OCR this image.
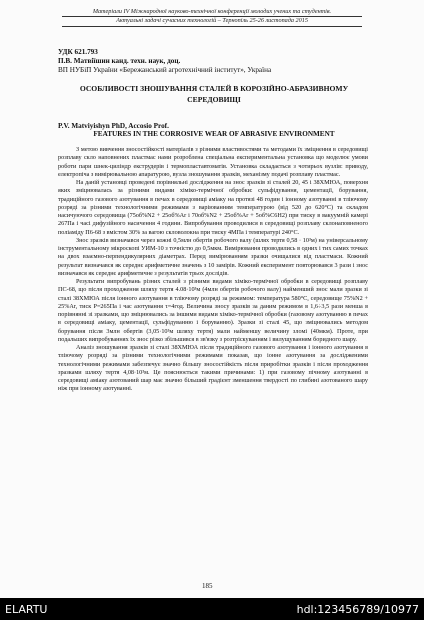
Матеріали IV Міжнародної науково-технічної конференції молодих учених та студентів.
Актуальні задачі сучасних технологій – Тернопіль 25-26 листопада 2015
УДК 621.793
П.В. Матвіїшин канд. техн. наук, доц.
ВП НУБіП України «Бережанський агротехнічний інститут», Україна
ОСОБЛИВОСТІ ЗНОШУВАННЯ СТАЛЕЙ В КОРОЗІЙНО-АБРАЗИВНОМУ СЕРЕДОВИЩІ
P.V. Matviyishyn PhD, Accosio Prof.
FEATURES IN THE CORROSIVE WEAR OF ABRASIVE ENVIRONMENT

З метою вивчення зносостійкості матеріалів з різними властивостями та методами їх зміцнення в середовищі розплаву скло наповнених пластмас нами розроблена спеціальна експериментальна установка що моделює умови роботи пари шнек-циліндр екструдерів і термопластавтоматів. Установка складається з чотирьох вузлів: приводу, електропіча з вимірювальною апаратурою, вузла зношування зразків, механізму подачі розплаву пластмас.

На даній установці проведені порівняльні дослідження на знос зразків зі сталей 20, 45 і 38ХМЮА, поверхня яких зміцнювалась за різними видами хіміко-термічної обробки: сульфідування, цементації, борування, традиційного газового азотування в печах в середовищі аміаку на протязі 48 годин і іонному азотуванні в тліючому розряді за різними технологічними режимами з варіюванням температурою (від 520 до 620°С) та складом насичуючого середовища (75об%N2 + 25об%Ar і 70об%N2 + 25об%Ar + 5об%C6H2) при тиску в вакуумній камері 267Па і часі дифузійного насичення 4 години. Випробування проводилися в середовищі розплаву склонаповненого поліаміду П6-68 з вмістом 30% за вагою скловолокна при тиску 4МПа і температурі 240°С.

Знос зразків визначався через кожні 0,5млн обертів робочого валу (шлях тертя 0,58 · 10³м) на універсальному інструментальному мікроскопі УИМ-10 з точністю до 0,5мкм. Вимірювання проводились в одних і тих самих точках на двох взаємно-перпендикулярних діаметрах. Перед вимірюванням зразки очищалися від пластмаси. Кожний результат визначався як середнє арифметичне значень з 10 замірів. Кожний експеримент повторювався 3 рази і знос визначався як середнє арифметичне з результатів трьох дослідів.

Результати випробувань різних сталей з різними видами хіміко-термічної обробки в середовищі розплаву ПС-68, що після проходження шляху тертя 4.08·10³м (4млн обертів робочого валу) найменший знос мали зразки зі сталі 38ХМЮА після іонного азотування в тліючому розряді за режимом: температура 580°С, середовище 75%N2 + 25%Ar, тиск Р=265Па і час азотування τ=4год. Величина зносу зразків за даним режимом в 1,6÷3,5 рази менша в порівнянні зі зразками, що зміцнювались за іншими видами хіміко-термічної обробки (газовому азотуванню в печах в середовищі аміаку, цементації, сульфідуванню і боруванню). Зразки зі сталі 45, що зміцнювались методом борування після 3млн обертів (3,05·10³м шляху тертя) мали найменшу величину зломі (40мкм). Проте, при подальших випробуваннях їх знос різко збільшився в зв'язку з розтріскуванням і вилущуванням боридного шару.

Аналіз зношування зразків зі сталі 38ХМЮА після традиційного газового азотування і іонного азотування в тліючому розряді за різними технологічними режимами показав, що іонне азотування за дослідженими технологічними режимами забезпечує значно більшу зносостійкість після приробітки зразків і після проходження зразками шляху тертя 4,08·10³м. Це пояснюється такими причинами: 1) при газовому пічному азотуванні в середовищі аміаку азотований шар має значно більший градієнт зменшення твердості по глибині азотованого шару ніж при іонному азотуванні.

185
ELARTU	hdl:123456789/10977
